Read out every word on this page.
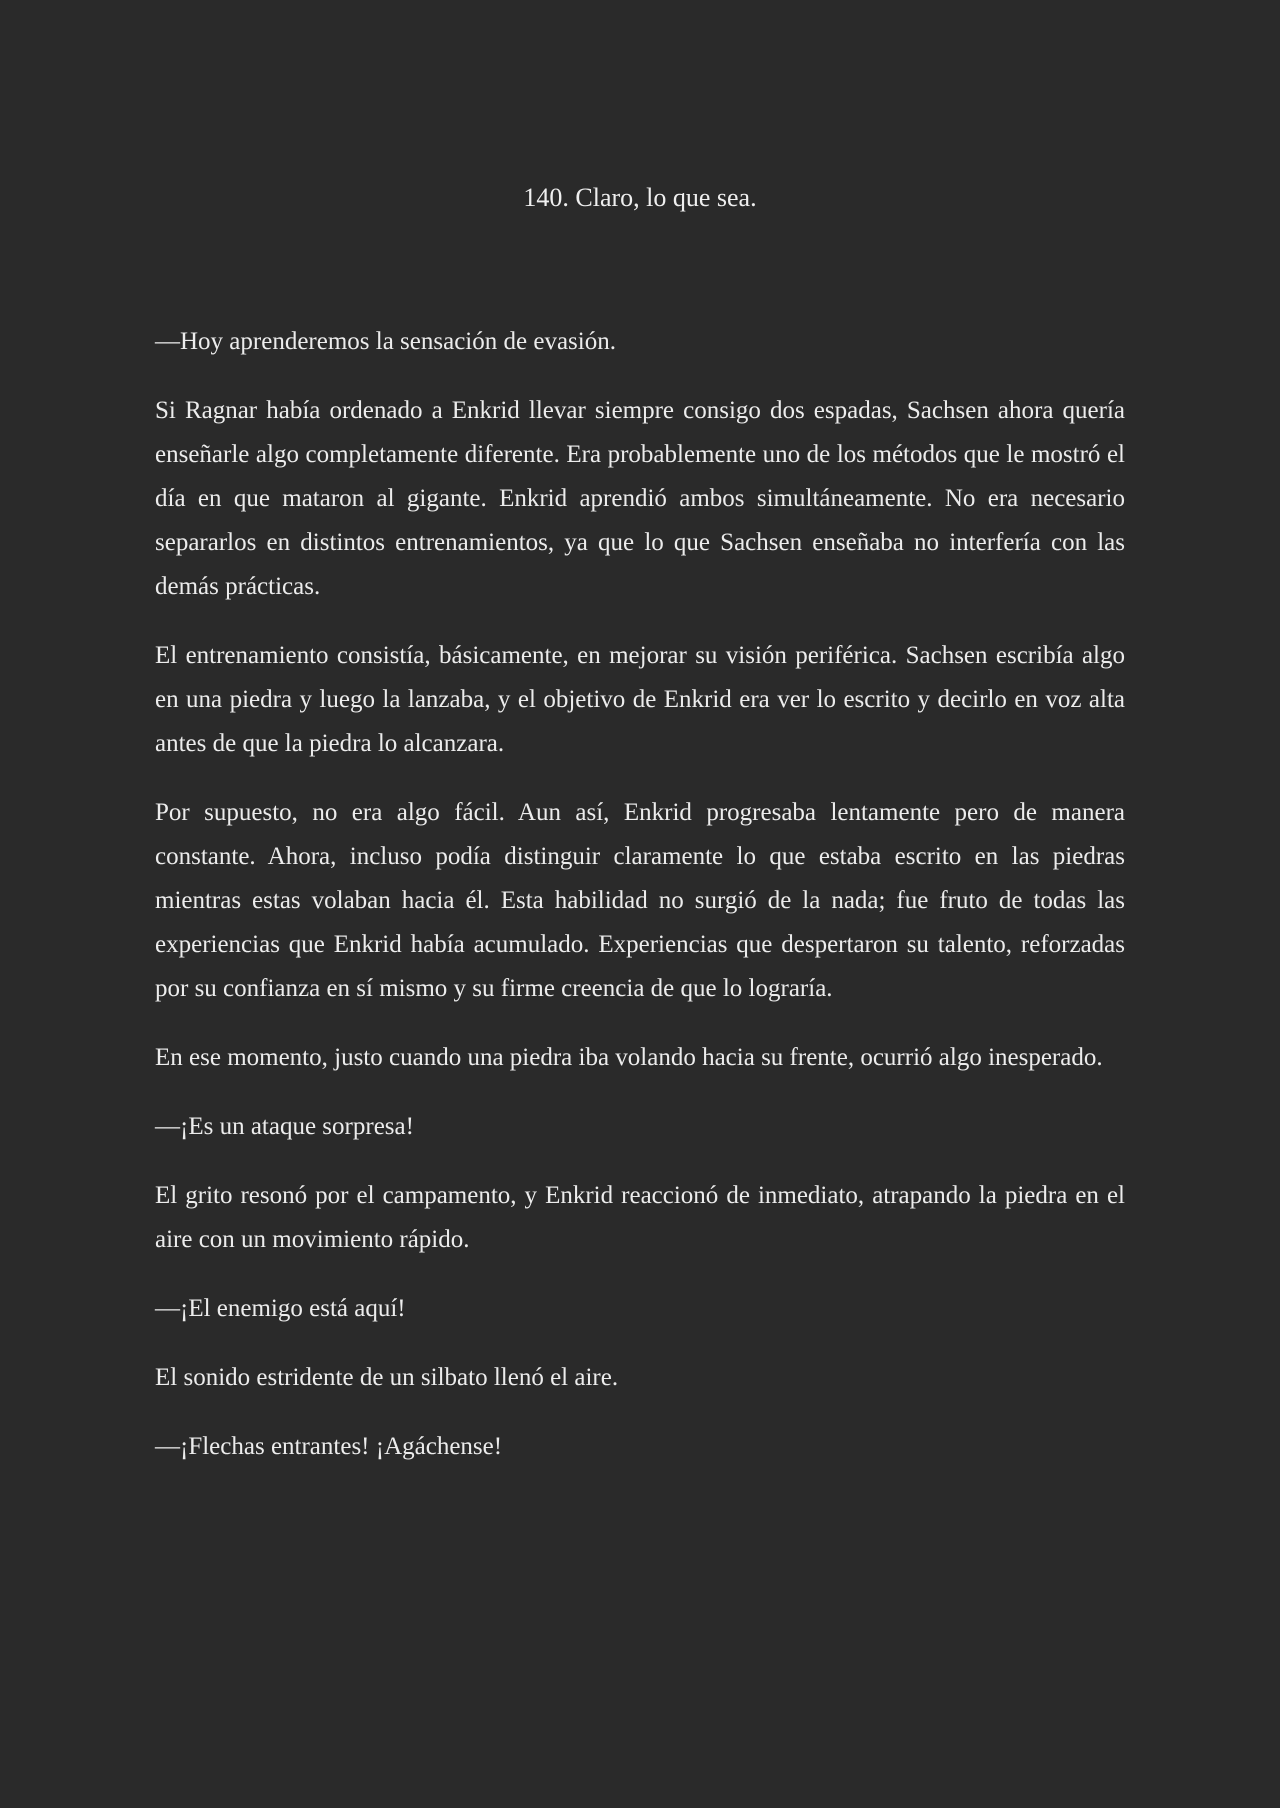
140. Claro, lo que sea.

—Hoy aprenderemos la sensación de evasión.

Si Ragnar había ordenado a Enkrid llevar siempre consigo dos espadas, Sachsen ahora quería enseñarle algo completamente diferente. Era probablemente uno de los métodos que le mostró el día en que mataron al gigante. Enkrid aprendió ambos simultáneamente. No era necesario separarlos en distintos entrenamientos, ya que lo que Sachsen enseñaba no interfería con las demás prácticas.

El entrenamiento consistía, básicamente, en mejorar su visión periférica. Sachsen escribía algo en una piedra y luego la lanzaba, y el objetivo de Enkrid era ver lo escrito y decirlo en voz alta antes de que la piedra lo alcanzara.

Por supuesto, no era algo fácil. Aun así, Enkrid progresaba lentamente pero de manera constante. Ahora, incluso podía distinguir claramente lo que estaba escrito en las piedras mientras estas volaban hacia él. Esta habilidad no surgió de la nada; fue fruto de todas las experiencias que Enkrid había acumulado. Experiencias que despertaron su talento, reforzadas por su confianza en sí mismo y su firme creencia de que lo lograría.

En ese momento, justo cuando una piedra iba volando hacia su frente, ocurrió algo inesperado.

—¡Es un ataque sorpresa!

El grito resonó por el campamento, y Enkrid reaccionó de inmediato, atrapando la piedra en el aire con un movimiento rápido.

—¡El enemigo está aquí!

El sonido estridente de un silbato llenó el aire.

—¡Flechas entrantes! ¡Agáchense!
